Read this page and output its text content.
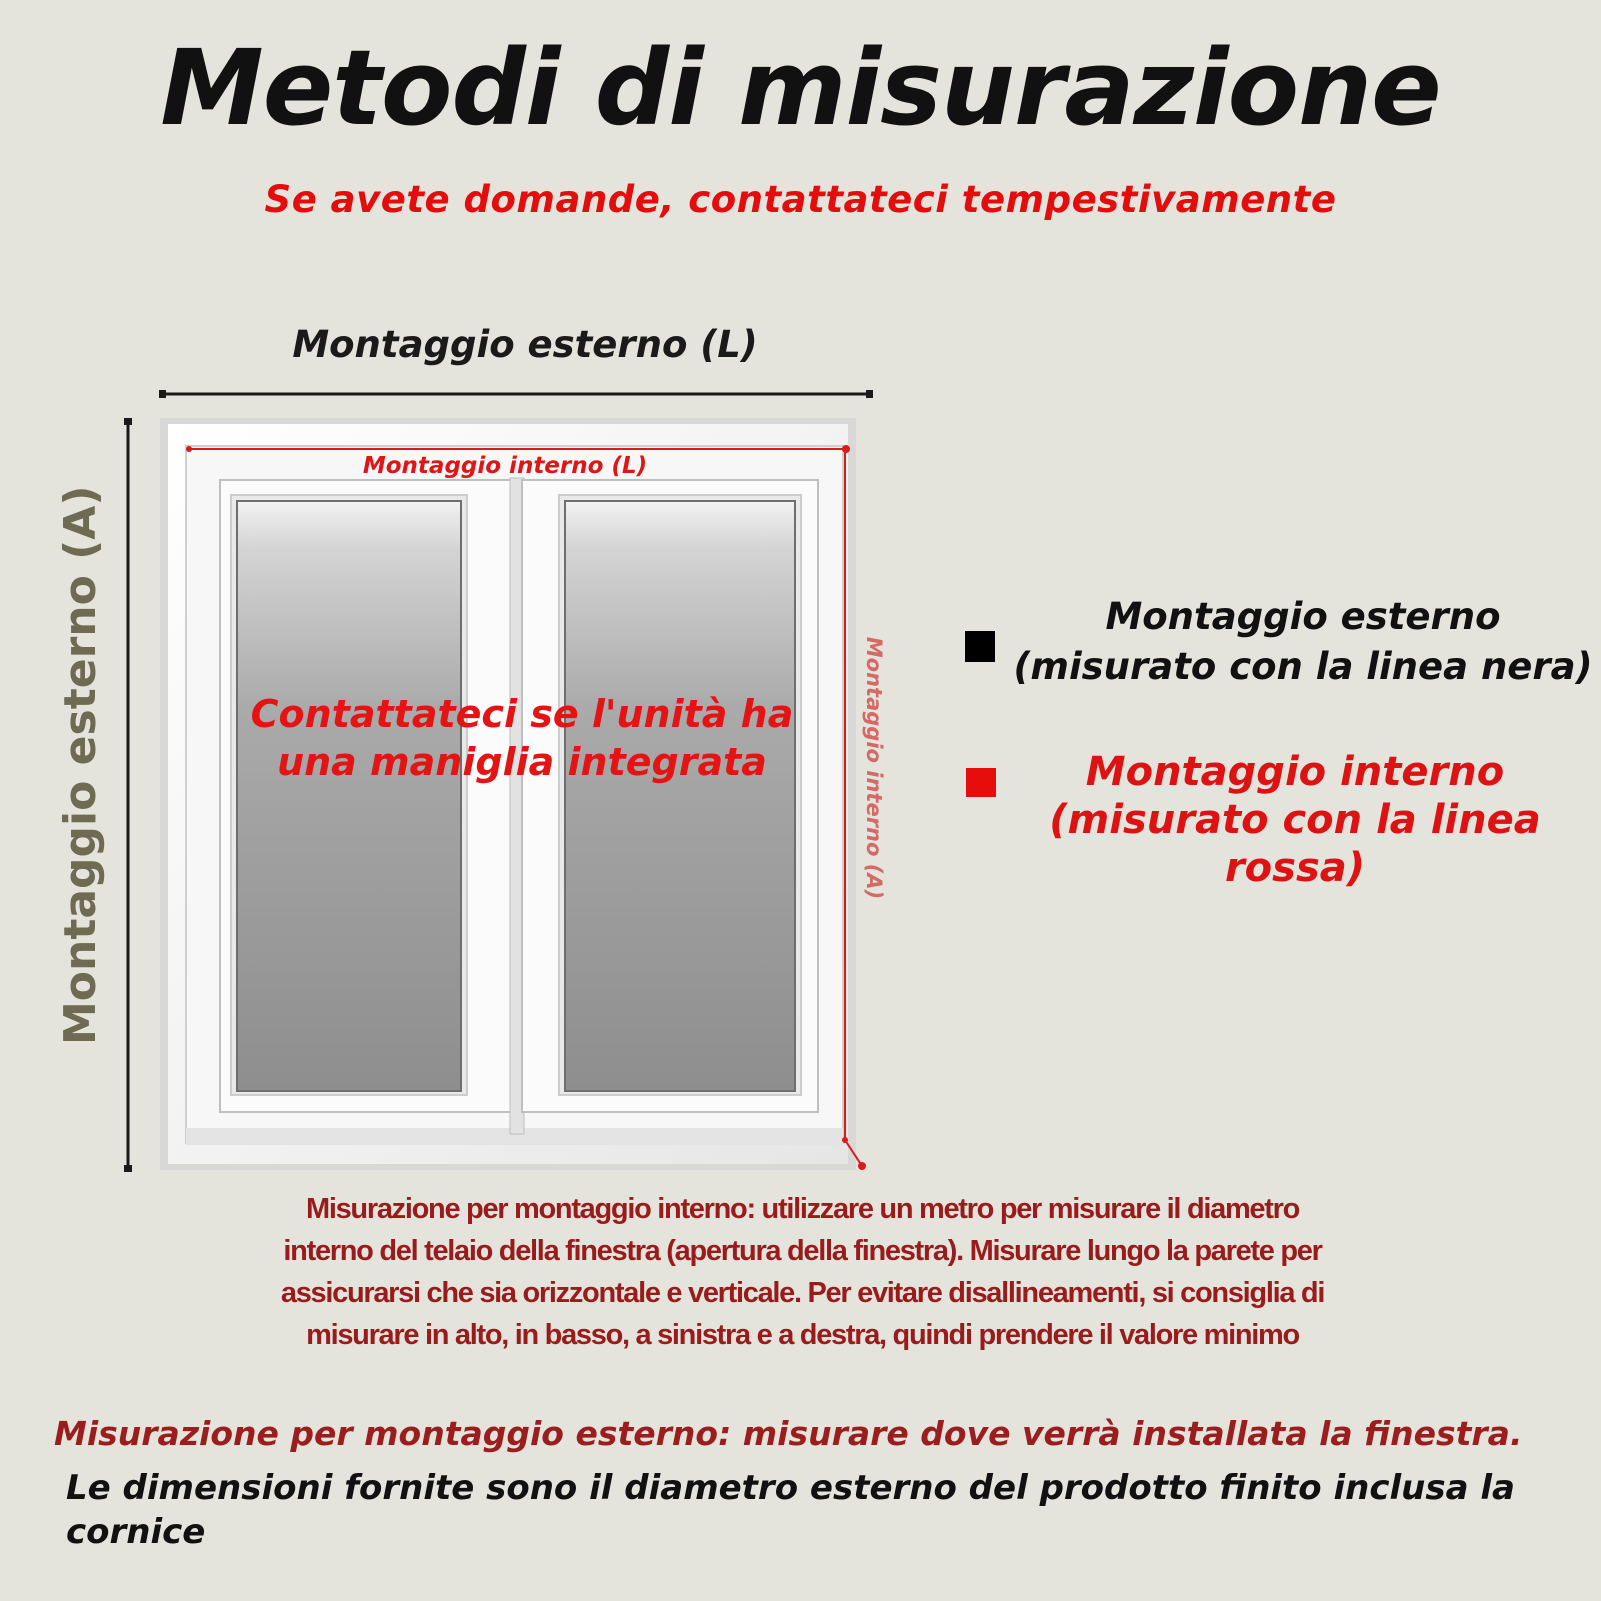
Metodi di misurazione
Se avete domande, contattateci tempestivamente
Montaggio esterno (L)
Montaggio esterno (A)
Montaggio interno (L)
Montaggio interno (A)
Contattateci se l'unità ha una maniglia integrata
Montaggio esterno
(misurato con la linea nera)
Montaggio interno
(misurato con la linea rossa)
Misurazione per montaggio interno: utilizzare un metro per misurare il diametro interno del telaio della finestra (apertura della finestra). Misurare lungo la parete per assicurarsi che sia orizzontale e verticale. Per evitare disallineamenti, si consiglia di misurare in alto, in basso, a sinistra e a destra, quindi prendere il valore minimo
Misurazione per montaggio esterno: misurare dove verrà installata la finestra.
Le dimensioni fornite sono il diametro esterno del prodotto finito inclusa la cornice
